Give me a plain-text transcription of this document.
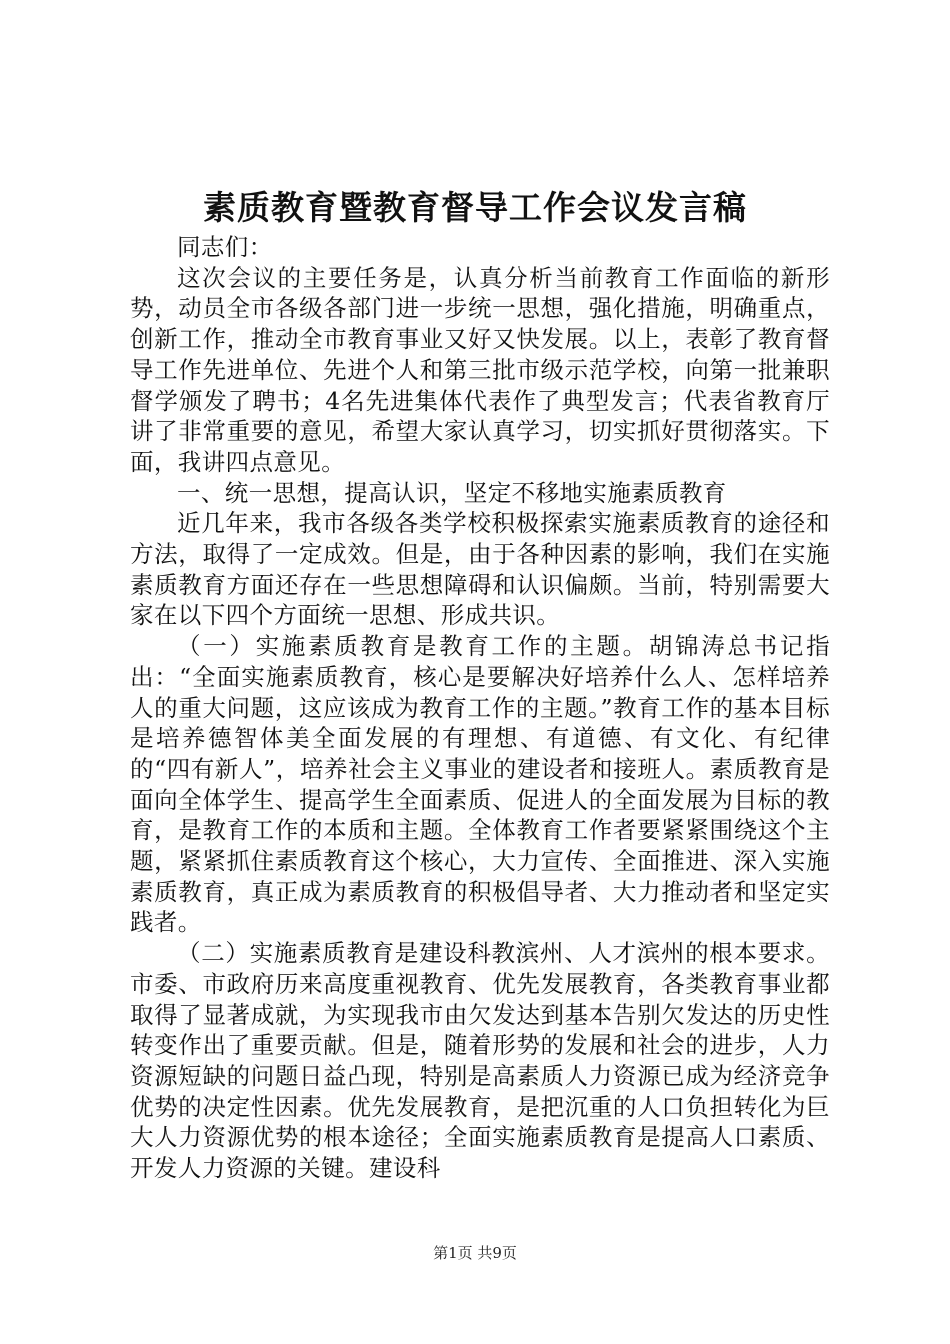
素质教育暨教育督导工作会议发言稿

同志们：

这次会议的主要任务是，认真分析当前教育工作面临的新形势，动员全市各级各部门进一步统一思想，强化措施，明确重点，创新工作，推动全市教育事业又好又快发展。以上，表彰了教育督导工作先进单位、先进个人和第三批市级示范学校，向第一批兼职督学颁发了聘书；4名先进集体代表作了典型发言；代表省教育厅讲了非常重要的意见，希望大家认真学习，切实抓好贯彻落实。下面，我讲四点意见。

一、统一思想，提高认识，坚定不移地实施素质教育

近几年来，我市各级各类学校积极探索实施素质教育的途径和方法，取得了一定成效。但是，由于各种因素的影响，我们在实施素质教育方面还存在一些思想障碍和认识偏颇。当前，特别需要大家在以下四个方面统一思想、形成共识。

（一）实施素质教育是教育工作的主题。胡锦涛总书记指出：“全面实施素质教育，核心是要解决好培养什么人、怎样培养人的重大问题，这应该成为教育工作的主题。”教育工作的基本目标是培养德智体美全面发展的有理想、有道德、有文化、有纪律的“四有新人”，培养社会主义事业的建设者和接班人。素质教育是面向全体学生、提高学生全面素质、促进人的全面发展为目标的教育，是教育工作的本质和主题。全体教育工作者要紧紧围绕这个主题，紧紧抓住素质教育这个核心，大力宣传、全面推进、深入实施素质教育，真正成为素质教育的积极倡导者、大力推动者和坚定实践者。

（二）实施素质教育是建设科教滨州、人才滨州的根本要求。市委、市政府历来高度重视教育、优先发展教育，各类教育事业都取得了显著成就，为实现我市由欠发达到基本告别欠发达的历史性转变作出了重要贡献。但是，随着形势的发展和社会的进步，人力资源短缺的问题日益凸现，特别是高素质人力资源已成为经济竞争优势的决定性因素。优先发展教育，是把沉重的人口负担转化为巨大人力资源优势的根本途径；全面实施素质教育是提高人口素质、开发人力资源的关键。建设科

第1页 共9页
